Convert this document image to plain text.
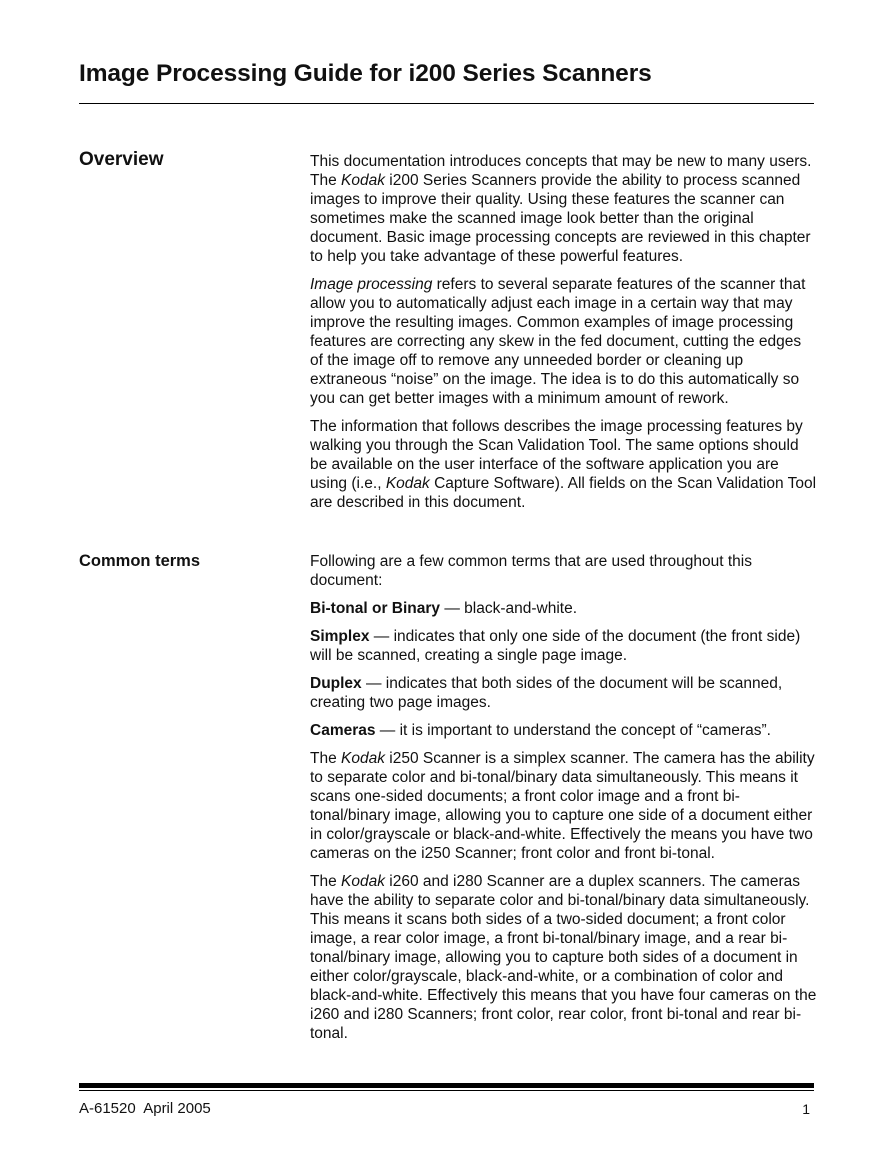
Image Processing Guide for i200 Series Scanners
Overview	This documentation introduces concepts that may be new to many users. The Kodak i200 Series Scanners provide the ability to process scanned images to improve their quality. Using these features the scanner can sometimes make the scanned image look better than the original document. Basic image processing concepts are reviewed in this chapter to help you take advantage of these powerful features.

Image processing refers to several separate features of the scanner that allow you to automatically adjust each image in a certain way that may improve the resulting images. Common examples of image processing features are correcting any skew in the fed document, cutting the edges of the image off to remove any unneeded border or cleaning up extraneous “noise” on the image. The idea is to do this automatically so you can get better images with a minimum amount of rework.

The information that follows describes the image processing features by walking you through the Scan Validation Tool. The same options should be available on the user interface of the software application you are using (i.e., Kodak Capture Software). All fields on the Scan Validation Tool are described in this document.

Common terms	Following are a few common terms that are used throughout this document:

Bi-tonal or Binary — black-and-white.

Simplex — indicates that only one side of the document (the front side) will be scanned, creating a single page image.

Duplex — indicates that both sides of the document will be scanned, creating two page images.

Cameras — it is important to understand the concept of “cameras”.

The Kodak i250 Scanner is a simplex scanner. The camera has the ability to separate color and bi-tonal/binary data simultaneously. This means it scans one-sided documents; a front color image and a front bi-tonal/binary image, allowing you to capture one side of a document either in color/grayscale or black-and-white. Effectively the means you have two cameras on the i250 Scanner; front color and front bi-tonal.

The Kodak i260 and i280 Scanner are a duplex scanners. The cameras have the ability to separate color and bi-tonal/binary data simultaneously. This means it scans both sides of a two-sided document; a front color image, a rear color image, a front bi-tonal/binary image, and a rear bi-tonal/binary image, allowing you to capture both sides of a document in either color/grayscale, black-and-white, or a combination of color and black-and-white. Effectively this means that you have four cameras on the i260 and i280 Scanners; front color, rear color, front bi-tonal and rear bi-tonal.

A-61520  April 2005	1
